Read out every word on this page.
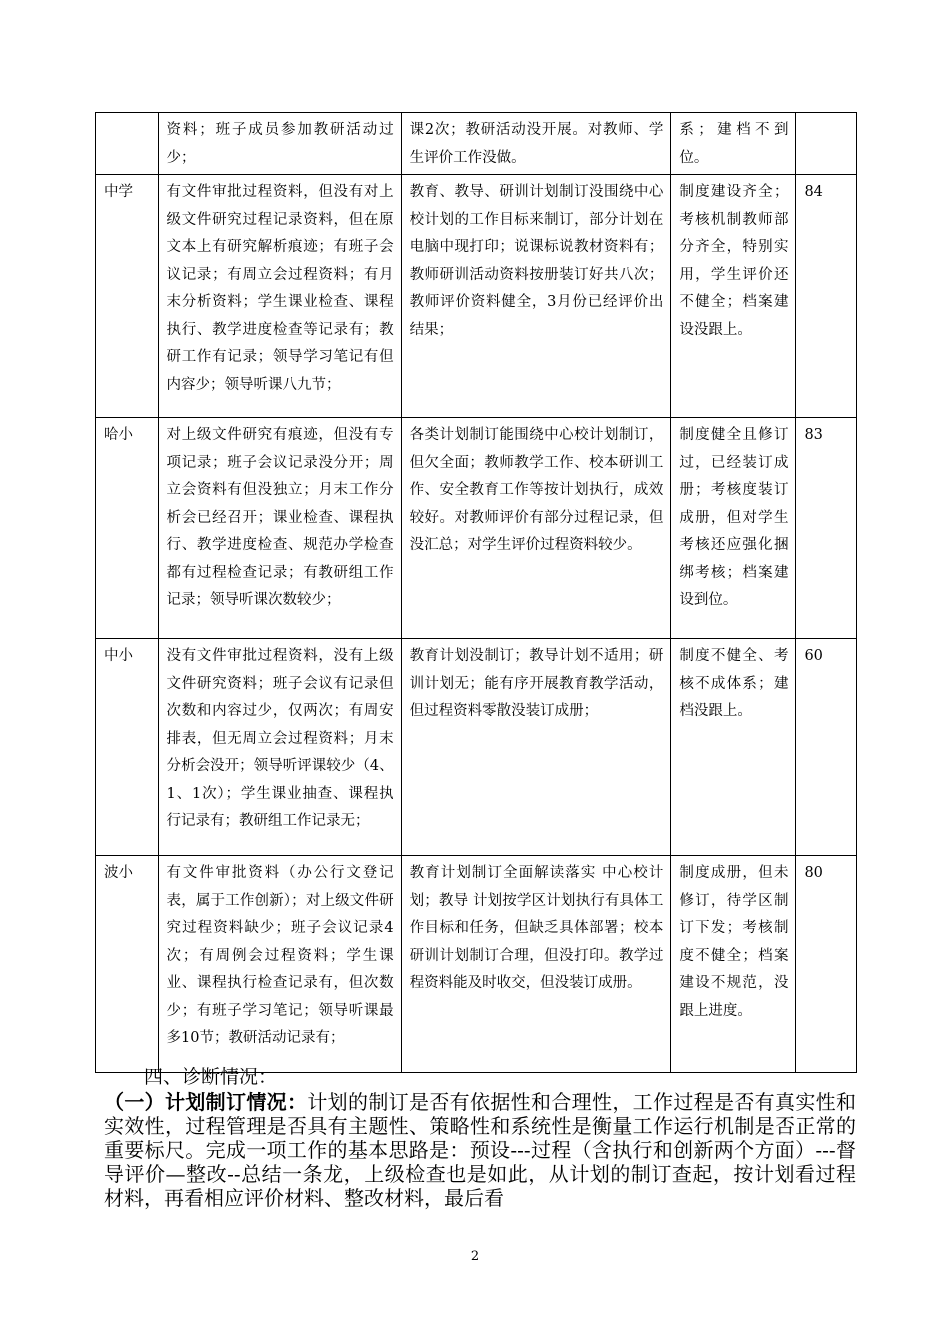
	资料；班子成员参加教研活动过少；	课2次；教研活动没开展。对教师、学生评价工作没做。	系；建档不到位。	
中学	有文件审批过程资料，但没有对上级文件研究过程记录资料，但在原文本上有研究解析痕迹；有班子会议记录；有周立会过程资料；有月末分析资料；学生课业检查、课程执行、教学进度检查等记录有；教研工作有记录；领导学习笔记有但内容少；领导听课八九节；	教育、教导、研训计划制订没围绕中心校计划的工作目标来制订，部分计划在电脑中现打印；说课标说教材资料有；教师研训活动资料按册装订好共八次；教师评价资料健全，3月份已经评价出结果；	制度建设齐全；考核机制教师部分齐全，特别实用，学生评价还不健全；档案建设没跟上。	84
哈小	对上级文件研究有痕迹，但没有专项记录；班子会议记录没分开；周立会资料有但没独立；月末工作分析会已经召开；课业检查、课程执行、教学进度检查、规范办学检查都有过程检查记录；有教研组工作记录；领导听课次数较少；	各类计划制订能围绕中心校计划制订，但欠全面；教师教学工作、校本研训工作、安全教育工作等按计划执行，成效较好。对教师评价有部分过程记录，但没汇总；对学生评价过程资料较少。	制度健全且修订过，已经装订成册；考核度装订成册，但对学生考核还应强化捆绑考核；档案建设到位。	83
中小	没有文件审批过程资料，没有上级文件研究资料；班子会议有记录但次数和内容过少，仅两次；有周安排表，但无周立会过程资料；月末分析会没开；领导听评课较少（4、1、1次）；学生课业抽查、课程执行记录有；教研组工作记录无；	教育计划没制订；教导计划不适用；研训计划无；能有序开展教育教学活动，但过程资料零散没装订成册；	制度不健全、考核不成体系；建档没跟上。	60
波小	有文件审批资料（办公行文登记表，属于工作创新）；对上级文件研究过程资料缺少；班子会议记录4次；有周例会过程资料；学生课业、课程执行检查记录有，但次数少；有班子学习笔记；领导听课最多10节；教研活动记录有；	教育计划制订全面解读落实 中心校计划；教导 计划按学区计划执行有具体工作目标和任务，但缺乏具体部署；校本研训计划制订合理，但没打印。教学过程资料能及时收交，但没装订成册。	制度成册，但未修订，待学区制订下发；考核制度不健全；档案建设不规范，没跟上进度。	80
四、诊断情况：

（一）计划制订情况：计划的制订是否有依据性和合理性，工作过程是否有真实性和实效性，过程管理是否具有主题性、策略性和系统性是衡量工作运行机制是否正常的重要标尺。完成一项工作的基本思路是：预设---过程（含执行和创新两个方面）---督导评价—整改--总结一条龙，上级检查也是如此，从计划的制订查起，按计划看过程材料，再看相应评价材料、整改材料，最后看

2
